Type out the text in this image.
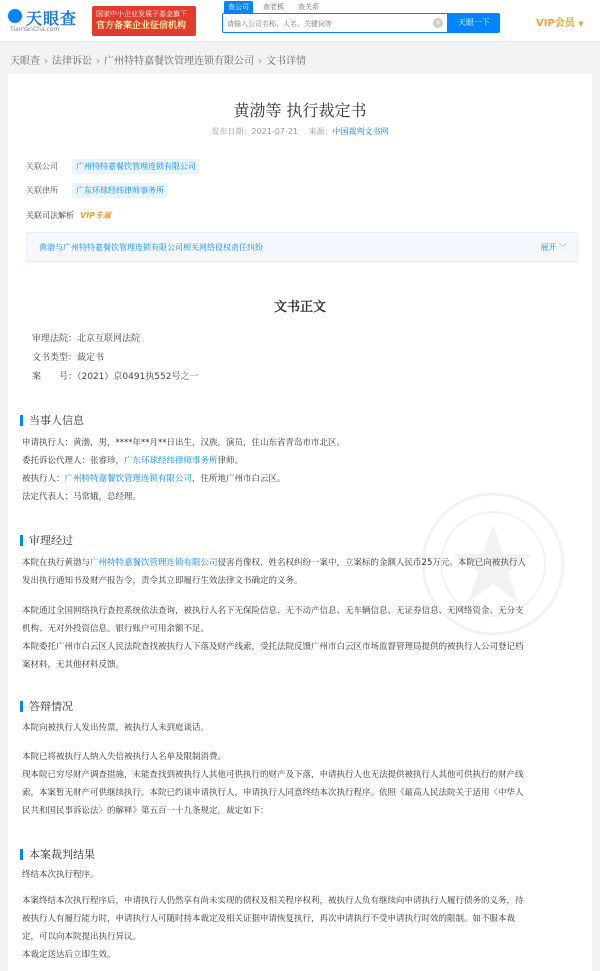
天眼查
TianYanCha.com
国家中小企业发展子基金旗下
官方备案企业征信机构
查公司	查老板	查关系
请输入公司名称、人名、关键词等
×	天眼一下	VIP会员 ▼
天眼查 › 法律诉讼 › 广州特特嘉餐饮管理连锁有限公司 › 文书详情
黄渤等 执行裁定书
发布日期：2021-07-21 来源：中国裁判文书网
关联公司	广州特特嘉餐饮管理连锁有限公司
关联律所	广东环球经纬律师事务所
关联司法解析 VIP专属
黄渤与广州特特嘉餐饮管理连锁有限公司相关网络侵权责任纠纷	展开 ﹀
文书正文
审理法院：北京互联网法院
文书类型：裁定书
案　　号：（2021）京0491执552号之一
当事人信息
申请执行人：黄渤，男，****年**月**日出生，汉族，演员，住山东省青岛市市北区。
委托诉讼代理人：张睿珍，广东环球经纬律师事务所律师。
被执行人：广州特特嘉餐饮管理连锁有限公司，住所地广州市白云区。
法定代表人：马常娥，总经理。
审理经过
本院在执行黄渤与广州特特嘉餐饮管理连锁有限公司侵害肖像权、姓名权纠纷一案中，立案标的金额人民币25万元。本院已向被执行人
发出执行通知书及财产报告令，责令其立即履行生效法律文书确定的义务。
本院通过全国网络执行查控系统依法查询，被执行人名下无保险信息、无不动产信息、无车辆信息、无证券信息、无网络资金、无分支
机构、无对外投资信息。银行账户可用余额不足。
本院委托广州市白云区人民法院查找被执行人下落及财产线索，受托法院反馈广州市白云区市场监督管理局提供的被执行人公司登记档
案材料，无其他材料反馈。
答辩情况
本院向被执行人发出传票，被执行人未到庭谈话。
本院已将被执行人纳入失信被执行人名单及限制消费。
现本院已穷尽财产调查措施，未能查找到被执行人其他可供执行的财产及下落，申请执行人也无法提供被执行人其他可供执行的财产线
索，本案暂无财产可供继续执行。本院已约谈申请执行人，申请执行人同意终结本次执行程序。依照《最高人民法院关于适用〈中华人
民共和国民事诉讼法〉的解释》第五百一十九条规定，裁定如下：
本案裁判结果
终结本次执行程序。
本案终结本次执行程序后，申请执行人仍然享有尚未实现的债权及相关程序权利，被执行人负有继续向申请执行人履行债务的义务，待
被执行人有履行能力时，申请执行人可随时持本裁定及相关证据申请恢复执行，再次申请执行不受申请执行时效的限制。如不服本裁
定，可以向本院提出执行异议。
本裁定送达后立即生效。
